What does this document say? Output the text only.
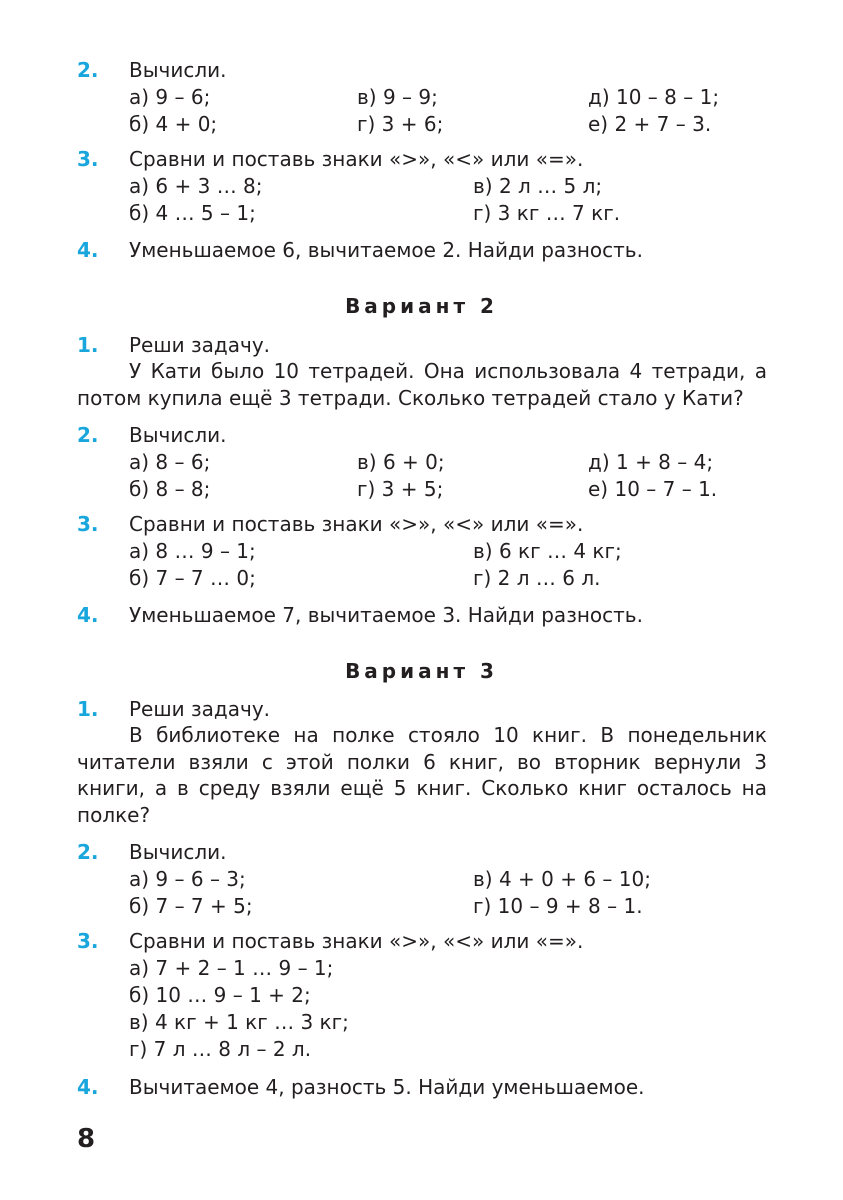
2. Вычисли.
а) 9 – 6;	в) 9 – 9;	д) 10 – 8 – 1;
б) 4 + 0;	г) 3 + 6;	е) 2 + 7 – 3.
3. Сравни и поставь знаки «>», «<» или «=».
а) 6 + 3 … 8;	в) 2 л … 5 л;
б) 4 … 5 – 1;	г) 3 кг … 7 кг.
4. Уменьшаемое 6, вычитаемое 2. Найди разность.
Вариант 2
1. Реши задачу.
У Кати было 10 тетрадей. Она использовала 4 тетради, а потом купила ещё 3 тетради. Сколько тетрадей стало у Кати?
2. Вычисли.
а) 8 – 6;	в) 6 + 0;	д) 1 + 8 – 4;
б) 8 – 8;	г) 3 + 5;	е) 10 – 7 – 1.
3. Сравни и поставь знаки «>», «<» или «=».
а) 8 … 9 – 1;	в) 6 кг … 4 кг;
б) 7 – 7 … 0;	г) 2 л … 6 л.
4. Уменьшаемое 7, вычитаемое 3. Найди разность.
Вариант 3
1. Реши задачу.
В библиотеке на полке стояло 10 книг. В понедельник читатели взяли с этой полки 6 книг, во вторник вернули 3 книги, а в среду взяли ещё 5 книг. Сколько книг осталось на полке?
2. Вычисли.
а) 9 – 6 – 3;	в) 4 + 0 + 6 – 10;
б) 7 – 7 + 5;	г) 10 – 9 + 8 – 1.
3. Сравни и поставь знаки «>», «<» или «=».
а) 7 + 2 – 1 … 9 – 1;
б) 10 … 9 – 1 + 2;
в) 4 кг + 1 кг … 3 кг;
г) 7 л … 8 л – 2 л.
4. Вычитаемое 4, разность 5. Найди уменьшаемое.
8
